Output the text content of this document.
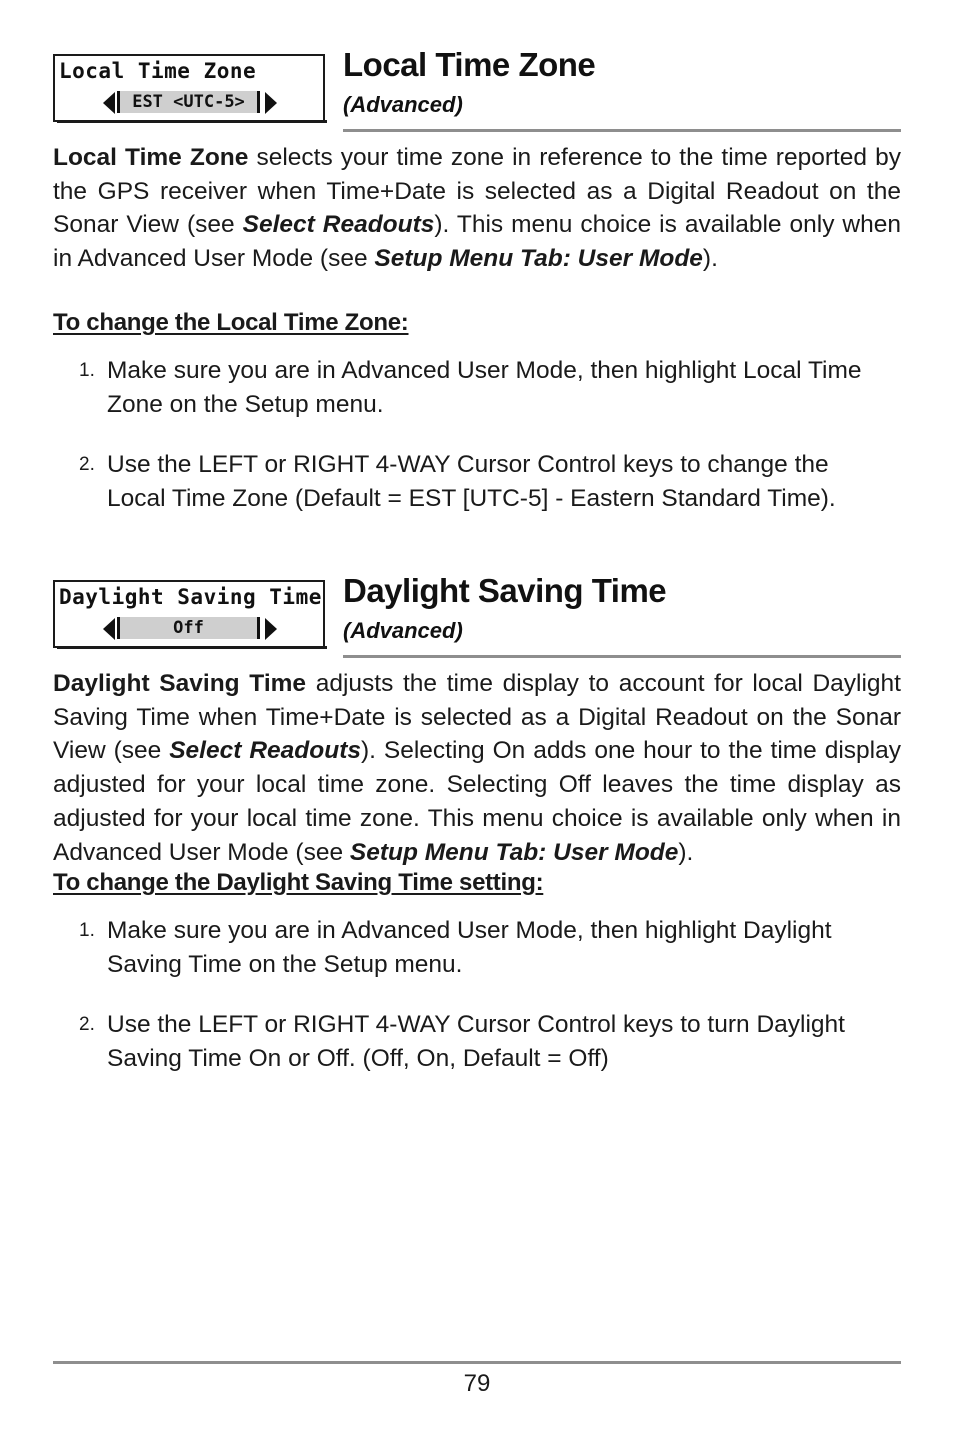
Local Time Zone
EST <UTC-5>
Local Time Zone
(Advanced)
Local Time Zone selects your time zone in reference to the time reported by the GPS receiver when Time+Date is selected as a Digital Readout on the Sonar View (see Select Readouts). This menu choice is available only when in Advanced User Mode (see Setup Menu Tab: User Mode).
To change the Local Time Zone:
1. Make sure you are in Advanced User Mode, then highlight Local Time Zone on the Setup menu.
2. Use the LEFT or RIGHT 4-WAY Cursor Control keys to change the Local Time Zone (Default = EST [UTC-5] - Eastern Standard Time).
Daylight Saving Time
Off
Daylight Saving Time
(Advanced)
Daylight Saving Time adjusts the time display to account for local Daylight Saving Time when Time+Date is selected as a Digital Readout on the Sonar View (see Select Readouts). Selecting On adds one hour to the time display adjusted for your local time zone. Selecting Off leaves the time display as adjusted for your local time zone. This menu choice is available only when in Advanced User Mode (see Setup Menu Tab: User Mode).
To change the Daylight Saving Time setting:
1. Make sure you are in Advanced User Mode, then highlight Daylight Saving Time on the Setup menu.
2. Use the LEFT or RIGHT 4-WAY Cursor Control keys to turn Daylight Saving Time On or Off. (Off, On, Default = Off)
79
